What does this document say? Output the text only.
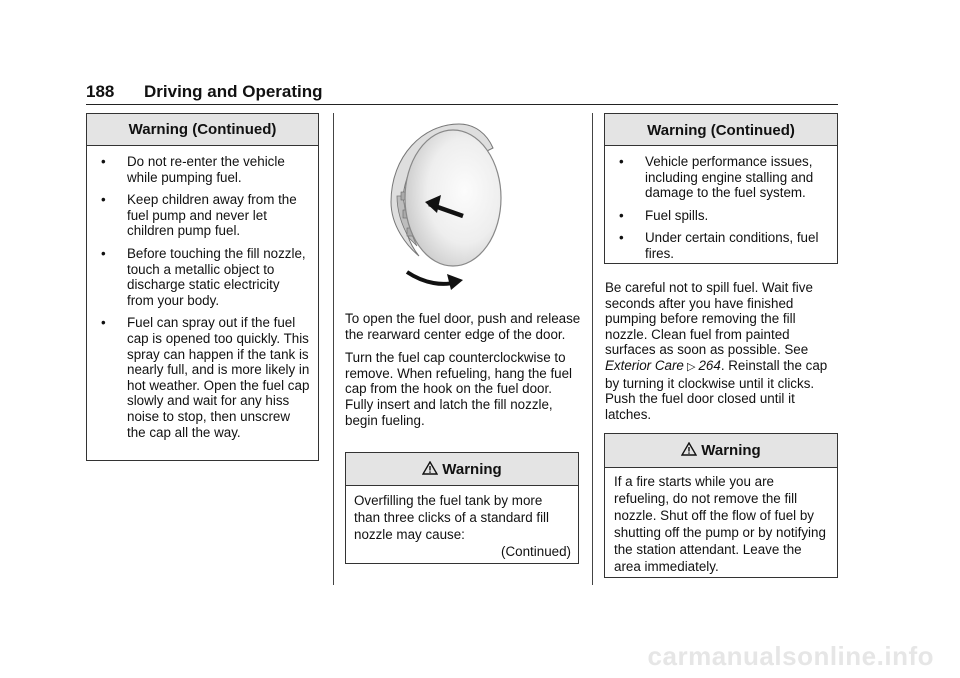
188 Driving and Operating
Warning (Continued)
• Do not re-enter the vehicle while pumping fuel.
• Keep children away from the fuel pump and never let children pump fuel.
• Before touching the fill nozzle, touch a metallic object to discharge static electricity from your body.
• Fuel can spray out if the fuel cap is opened too quickly. This spray can happen if the tank is nearly full, and is more likely in hot weather. Open the fuel cap slowly and wait for any hiss noise to stop, then unscrew the cap all the way.

To open the fuel door, push and release the rearward center edge of the door.

Turn the fuel cap counterclockwise to remove. When refueling, hang the fuel cap from the hook on the fuel door. Fully insert and latch the fill nozzle, begin fueling.

Warning
Overfilling the fuel tank by more than three clicks of a standard fill nozzle may cause:
(Continued)
Warning (Continued)
• Vehicle performance issues, including engine stalling and damage to the fuel system.
• Fuel spills.
• Under certain conditions, fuel fires.
Be careful not to spill fuel. Wait five seconds after you have finished pumping before removing the fill nozzle. Clean fuel from painted surfaces as soon as possible. See Exterior Care ▷ 264. Reinstall the cap by turning it clockwise until it clicks. Push the fuel door closed until it latches.
Warning
If a fire starts while you are refueling, do not remove the fill nozzle. Shut off the flow of fuel by shutting off the pump or by notifying the station attendant. Leave the area immediately.
carmanualsonline.info
